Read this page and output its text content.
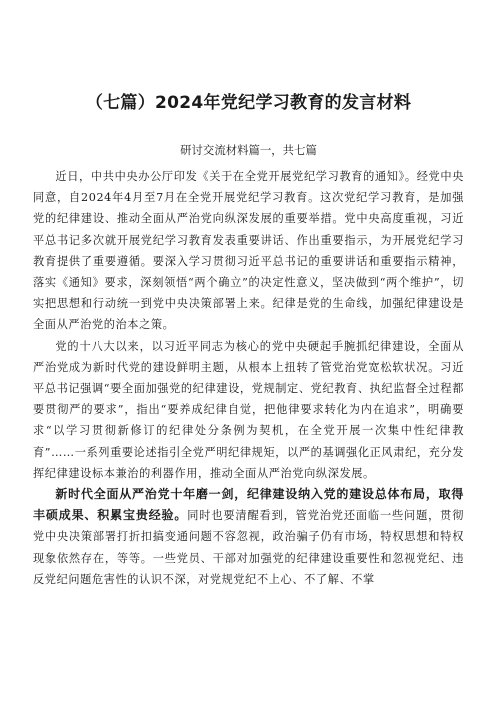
（七篇）2024年党纪学习教育的发言材料
研讨交流材料篇一，共七篇

近日，中共中央办公厅印发《关于在全党开展党纪学习教育的通知》。经党中央同意，自2024年4月至7月在全党开展党纪学习教育。这次党纪学习教育，是加强党的纪律建设、推动全面从严治党向纵深发展的重要举措。党中央高度重视，习近平总书记多次就开展党纪学习教育发表重要讲话、作出重要指示，为开展党纪学习教育提供了重要遵循。要深入学习贯彻习近平总书记的重要讲话和重要指示精神，落实《通知》要求，深刻领悟“两个确立”的决定性意义，坚决做到“两个维护”，切实把思想和行动统一到党中央决策部署上来。纪律是党的生命线，加强纪律建设是全面从严治党的治本之策。

党的十八大以来，以习近平同志为核心的党中央硬起手腕抓纪律建设，全面从严治党成为新时代党的建设鲜明主题，从根本上扭转了管党治党宽松软状况。习近平总书记强调“要全面加强党的纪律建设，党规制定、党纪教育、执纪监督全过程都要贯彻严的要求”，指出“要养成纪律自觉，把他律要求转化为内在追求”，明确要求“以学习贯彻新修订的纪律处分条例为契机，在全党开展一次集中性纪律教育”……一系列重要论述指引全党严明纪律规矩，以严的基调强化正风肃纪，充分发挥纪律建设标本兼治的利器作用，推动全面从严治党向纵深发展。

新时代全面从严治党十年磨一剑，纪律建设纳入党的建设总体布局，取得丰硕成果、积累宝贵经验。同时也要清醒看到，管党治党还面临一些问题，贯彻党中央决策部署打折扣搞变通问题不容忽视，政治骗子仍有市场，特权思想和特权现象依然存在，等等。一些党员、干部对加强党的纪律建设重要性和忽视党纪、违反党纪问题危害性的认识不深，对党规党纪不上心、不了解、不掌
